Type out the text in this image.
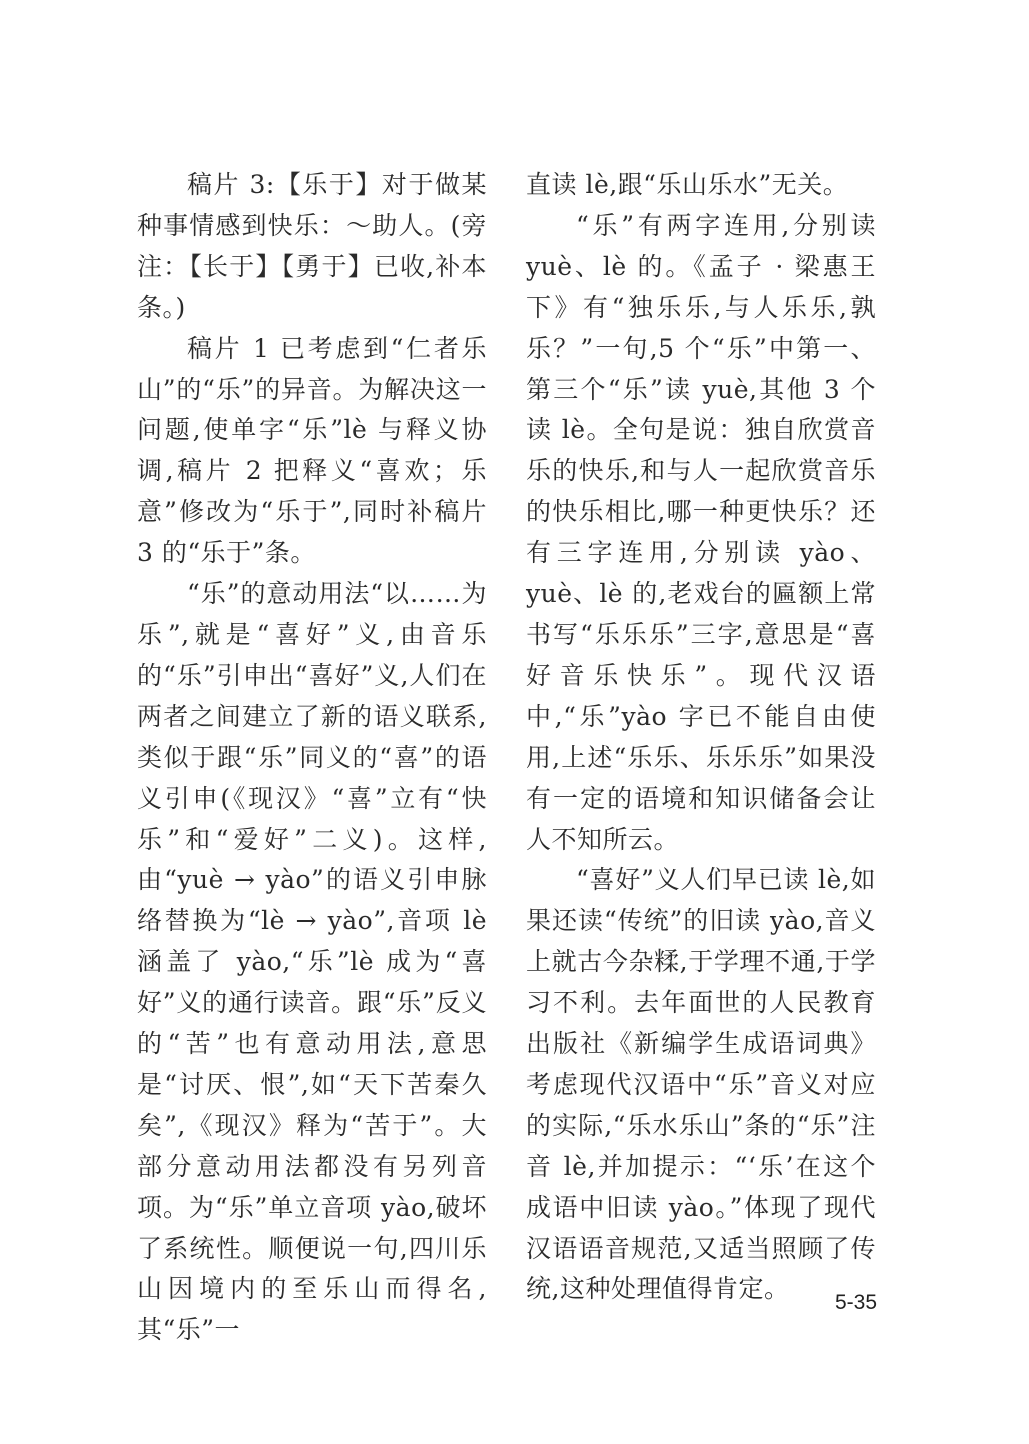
稿片 3:【乐于】对于做某种事情感到快乐：～助人。(旁注：【长于】【勇于】已收,补本条。)

稿片 1 已考虑到“仁者乐山”的“乐”的异音。为解决这一问题,使单字“乐”lè 与释义协调,稿片 2 把释义“喜欢；乐意”修改为“乐于”,同时补稿片 3 的“乐于”条。

“乐”的意动用法“以……为乐”,就是“喜好”义,由音乐的“乐”引申出“喜好”义,人们在两者之间建立了新的语义联系,类似于跟“乐”同义的“喜”的语义引申(《现汉》“喜”立有“快乐”和“爱好”二义)。这样,由“yuè → yào”的语义引申脉络替换为“lè → yào”,音项 lè 涵盖了 yào,“乐”lè 成为“喜好”义的通行读音。跟“乐”反义的“苦”也有意动用法,意思是“讨厌、恨”,如“天下苦秦久矣”,《现汉》释为“苦于”。大部分意动用法都没有另列音项。为“乐”单立音项 yào,破坏了系统性。顺便说一句,四川乐山因境内的至乐山而得名,其“乐”一

直读 lè,跟“乐山乐水”无关。

“乐”有两字连用,分别读 yuè、lè 的。《孟子 · 梁惠王下》有“独乐乐,与人乐乐,孰乐？”一句,5 个“乐”中第一、第三个“乐”读 yuè,其他 3 个读 lè。全句是说：独自欣赏音乐的快乐,和与人一起欣赏音乐的快乐相比,哪一种更快乐？还有三字连用,分别读 yào、yuè、lè 的,老戏台的匾额上常书写“乐乐乐”三字,意思是“喜好音乐快乐”。现代汉语中,“乐”yào 字已不能自由使用,上述“乐乐、乐乐乐”如果没有一定的语境和知识储备会让人不知所云。

“喜好”义人们早已读 lè,如果还读“传统”的旧读 yào,音义上就古今杂糅,于学理不通,于学习不利。去年面世的人民教育出版社《新编学生成语词典》考虑现代汉语中“乐”音义对应的实际,“乐水乐山”条的“乐”注音 lè,并加提示：“‘乐’在这个成语中旧读 yào。”体现了现代汉语语音规范,又适当照顾了传统,这种处理值得肯定。	5-35
